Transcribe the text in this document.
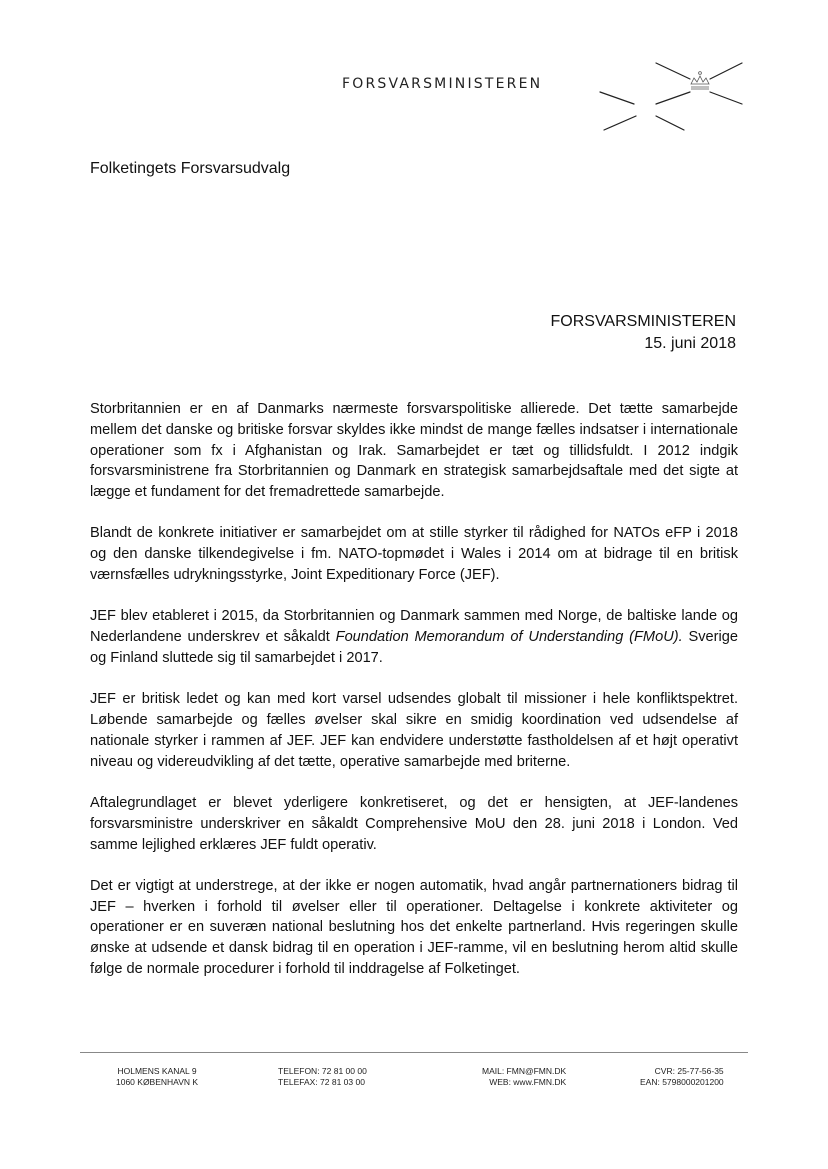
FORSVARSMINISTEREN
Folketingets Forsvarsudvalg
FORSVARSMINISTEREN
15. juni 2018

Storbritannien er en af Danmarks nærmeste forsvarspolitiske allierede. Det tætte samarbejde mellem det danske og britiske forsvar skyldes ikke mindst de mange fælles indsatser i internationale operationer som fx i Afghanistan og Irak. Samarbejdet er tæt og tillidsfuldt. I 2012 indgik forsvarsministrene fra Storbritannien og Danmark en strategisk samarbejdsaftale med det sigte at lægge et fundament for det fremadrettede samarbejde.

Blandt de konkrete initiativer er samarbejdet om at stille styrker til rådighed for NATOs eFP i 2018 og den danske tilkendegivelse i fm. NATO-topmødet i Wales i 2014 om at bidrage til en britisk værnsfælles udrykningsstyrke, Joint Expeditionary Force (JEF).

JEF blev etableret i 2015, da Storbritannien og Danmark sammen med Norge, de baltiske lande og Nederlandene underskrev et såkaldt Foundation Memorandum of Understanding (FMoU). Sverige og Finland sluttede sig til samarbejdet i 2017.

JEF er britisk ledet og kan med kort varsel udsendes globalt til missioner i hele konfliktspektret. Løbende samarbejde og fælles øvelser skal sikre en smidig koordination ved udsendelse af nationale styrker i rammen af JEF. JEF kan endvidere understøtte fastholdelsen af et højt operativt niveau og videreudvikling af det tætte, operative samarbejde med briterne.

Aftalegrundlaget er blevet yderligere konkretiseret, og det er hensigten, at JEF-landenes forsvarsministre underskriver en såkaldt Comprehensive MoU den 28. juni 2018 i London. Ved samme lejlighed erklæres JEF fuldt operativ.

Det er vigtigt at understrege, at der ikke er nogen automatik, hvad angår partnernationers bidrag til JEF – hverken i forhold til øvelser eller til operationer. Deltagelse i konkrete aktiviteter og operationer er en suveræn national beslutning hos det enkelte partnerland. Hvis regeringen skulle ønske at udsende et dansk bidrag til en operation i JEF-ramme, vil en beslutning herom altid skulle følge de normale procedurer i forhold til inddragelse af Folketinget.

HOLMENS KANAL 9
1060 KØBENHAVN K
TELEFON: 72 81 00 00
TELEFAX: 72 81 03 00
MAIL: FMN@FMN.DK
WEB: www.FMN.DK
CVR: 25-77-56-35
EAN: 5798000201200
